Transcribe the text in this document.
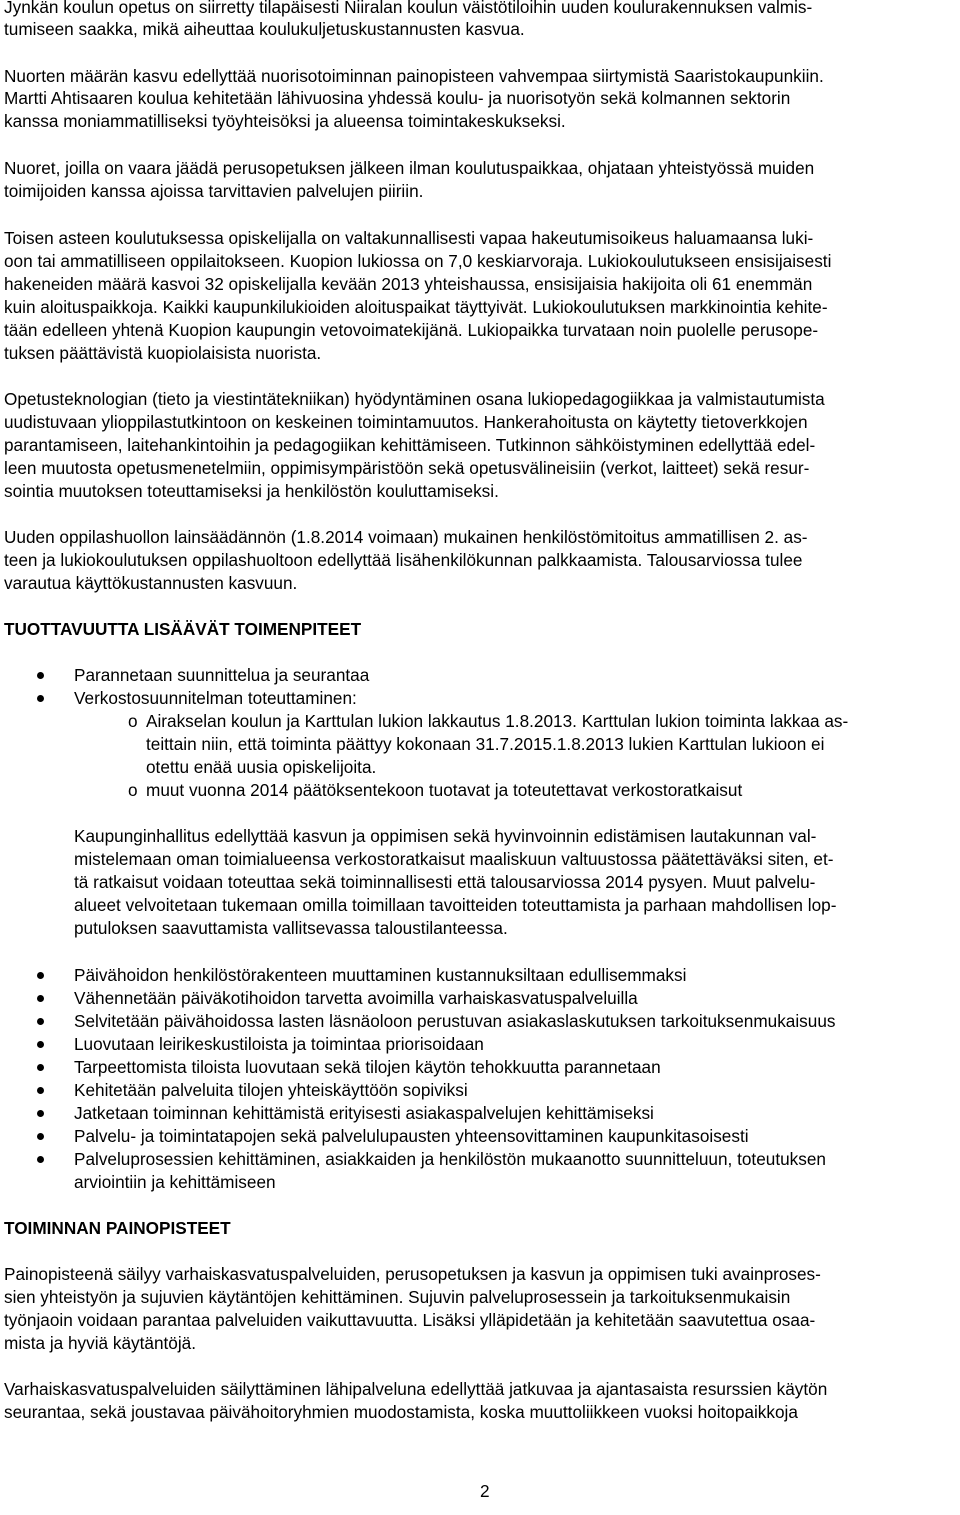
Jynkän koulun opetus on siirretty tilapäisesti Niiralan koulun väistötiloihin uuden koulurakennuksen valmis-
tumiseen saakka, mikä aiheuttaa koulukuljetuskustannusten kasvua.
Nuorten määrän kasvu edellyttää nuorisotoiminnan painopisteen vahvempaa siirtymistä Saaristokaupunkiin.
Martti Ahtisaaren koulua kehitetään lähivuosina yhdessä koulu- ja nuorisotyön sekä kolmannen sektorin
kanssa moniammatilliseksi työyhteisöksi ja alueensa toimintakeskukseksi.
Nuoret, joilla on vaara jäädä perusopetuksen jälkeen ilman koulutuspaikkaa, ohjataan yhteistyössä muiden
toimijoiden kanssa ajoissa tarvittavien palvelujen piiriin.
Toisen asteen koulutuksessa opiskelijalla on valtakunnallisesti vapaa hakeutumisoikeus haluamaansa luki-
oon tai ammatilliseen oppilaitokseen. Kuopion lukiossa on 7,0 keskiarvoraja. Lukiokoulutukseen ensisijaisesti
hakeneiden määrä kasvoi 32 opiskelijalla kevään 2013 yhteishaussa, ensisijaisia hakijoita oli 61 enemmän
kuin aloituspaikkoja. Kaikki kaupunkilukioiden aloituspaikat täyttyivät. Lukiokoulutuksen markkinointia kehite-
tään edelleen yhtenä Kuopion kaupungin vetovoimatekijänä. Lukiopaikka turvataan noin puolelle perusope-
tuksen päättävistä kuopiolaisista nuorista.
Opetusteknologian (tieto ja viestintätekniikan) hyödyntäminen osana lukiopedagogiikkaa ja valmistautumista
uudistuvaan ylioppilastutkintoon on keskeinen toimintamuutos. Hankerahoitusta on käytetty tietoverkkojen
parantamiseen, laitehankintoihin ja pedagogiikan kehittämiseen. Tutkinnon sähköistyminen edellyttää edel-
leen muutosta opetusmenetelmiin, oppimisympäristöön sekä opetusvälineisiin (verkot, laitteet) sekä resur-
sointia muutoksen toteuttamiseksi ja henkilöstön kouluttamiseksi.
Uuden oppilashuollon lainsäädännön (1.8.2014 voimaan) mukainen henkilöstömitoitus ammatillisen 2. as-
teen ja lukiokoulutuksen oppilashuoltoon edellyttää lisähenkilökunnan palkkaamista. Talousarviossa tulee
varautua käyttökustannusten kasvuun.
TUOTTAVUUTTA LISÄÄVÄT TOIMENPITEET
Parannetaan suunnittelua ja seurantaa
Verkostosuunnitelman toteuttaminen:
o Airakselan koulun ja Karttulan lukion lakkautus 1.8.2013. Karttulan lukion toiminta lakkaa as-
teittain niin, että toiminta päättyy kokonaan 31.7.2015.1.8.2013 lukien Karttulan lukioon ei
otettu enää uusia opiskelijoita.
o muut vuonna 2014 päätöksentekoon tuotavat ja toteutettavat verkostoratkaisut
Kaupunginhallitus edellyttää kasvun ja oppimisen sekä hyvinvoinnin edistämisen lautakunnan val-
mistelemaan oman toimialueensa verkostoratkaisut maaliskuun valtuustossa päätettäväksi siten, et-
tä ratkaisut voidaan toteuttaa sekä toiminnallisesti että talousarviossa 2014 pysyen. Muut palvelu-
alueet velvoitetaan tukemaan omilla toimillaan tavoitteiden toteuttamista ja parhaan mahdollisen lop-
putuloksen saavuttamista vallitsevassa taloustilanteessa.
Päivähoidon henkilöstörakenteen muuttaminen kustannuksiltaan edullisemmaksi
Vähennetään päiväkotihoidon tarvetta avoimilla varhaiskasvatuspalveluilla
Selvitetään päivähoidossa lasten läsnäoloon perustuvan asiakaslaskutuksen tarkoituksenmukaisuus
Luovutaan leirikeskustiloista ja toimintaa priorisoidaan
Tarpeettomista tiloista luovutaan sekä tilojen käytön tehokkuutta parannetaan
Kehitetään palveluita tilojen yhteiskäyttöön sopiviksi
Jatketaan toiminnan kehittämistä erityisesti asiakaspalvelujen kehittämiseksi
Palvelu- ja toimintatapojen sekä palvelulupausten yhteensovittaminen kaupunkitasoisesti
Palveluprosessien kehittäminen, asiakkaiden ja henkilöstön mukaanotto suunnitteluun, toteutuksen
arviointiin ja kehittämiseen
TOIMINNAN PAINOPISTEET
Painopisteenä säilyy varhaiskasvatuspalveluiden, perusopetuksen ja kasvun ja oppimisen tuki avainproses-
sien yhteistyön ja sujuvien käytäntöjen kehittäminen. Sujuvin palveluprosessein ja tarkoituksenmukaisin
työnjaoin voidaan parantaa palveluiden vaikuttavuutta. Lisäksi ylläpidetään ja kehitetään saavutettua osaa-
mista ja hyviä käytäntöjä.
Varhaiskasvatuspalveluiden säilyttäminen lähipalveluna edellyttää jatkuvaa ja ajantasaista resurssien käytön
seurantaa, sekä joustavaa päivähoitoryhmien muodostamista, koska muuttoliikkeen vuoksi hoitopaikkoja
2
